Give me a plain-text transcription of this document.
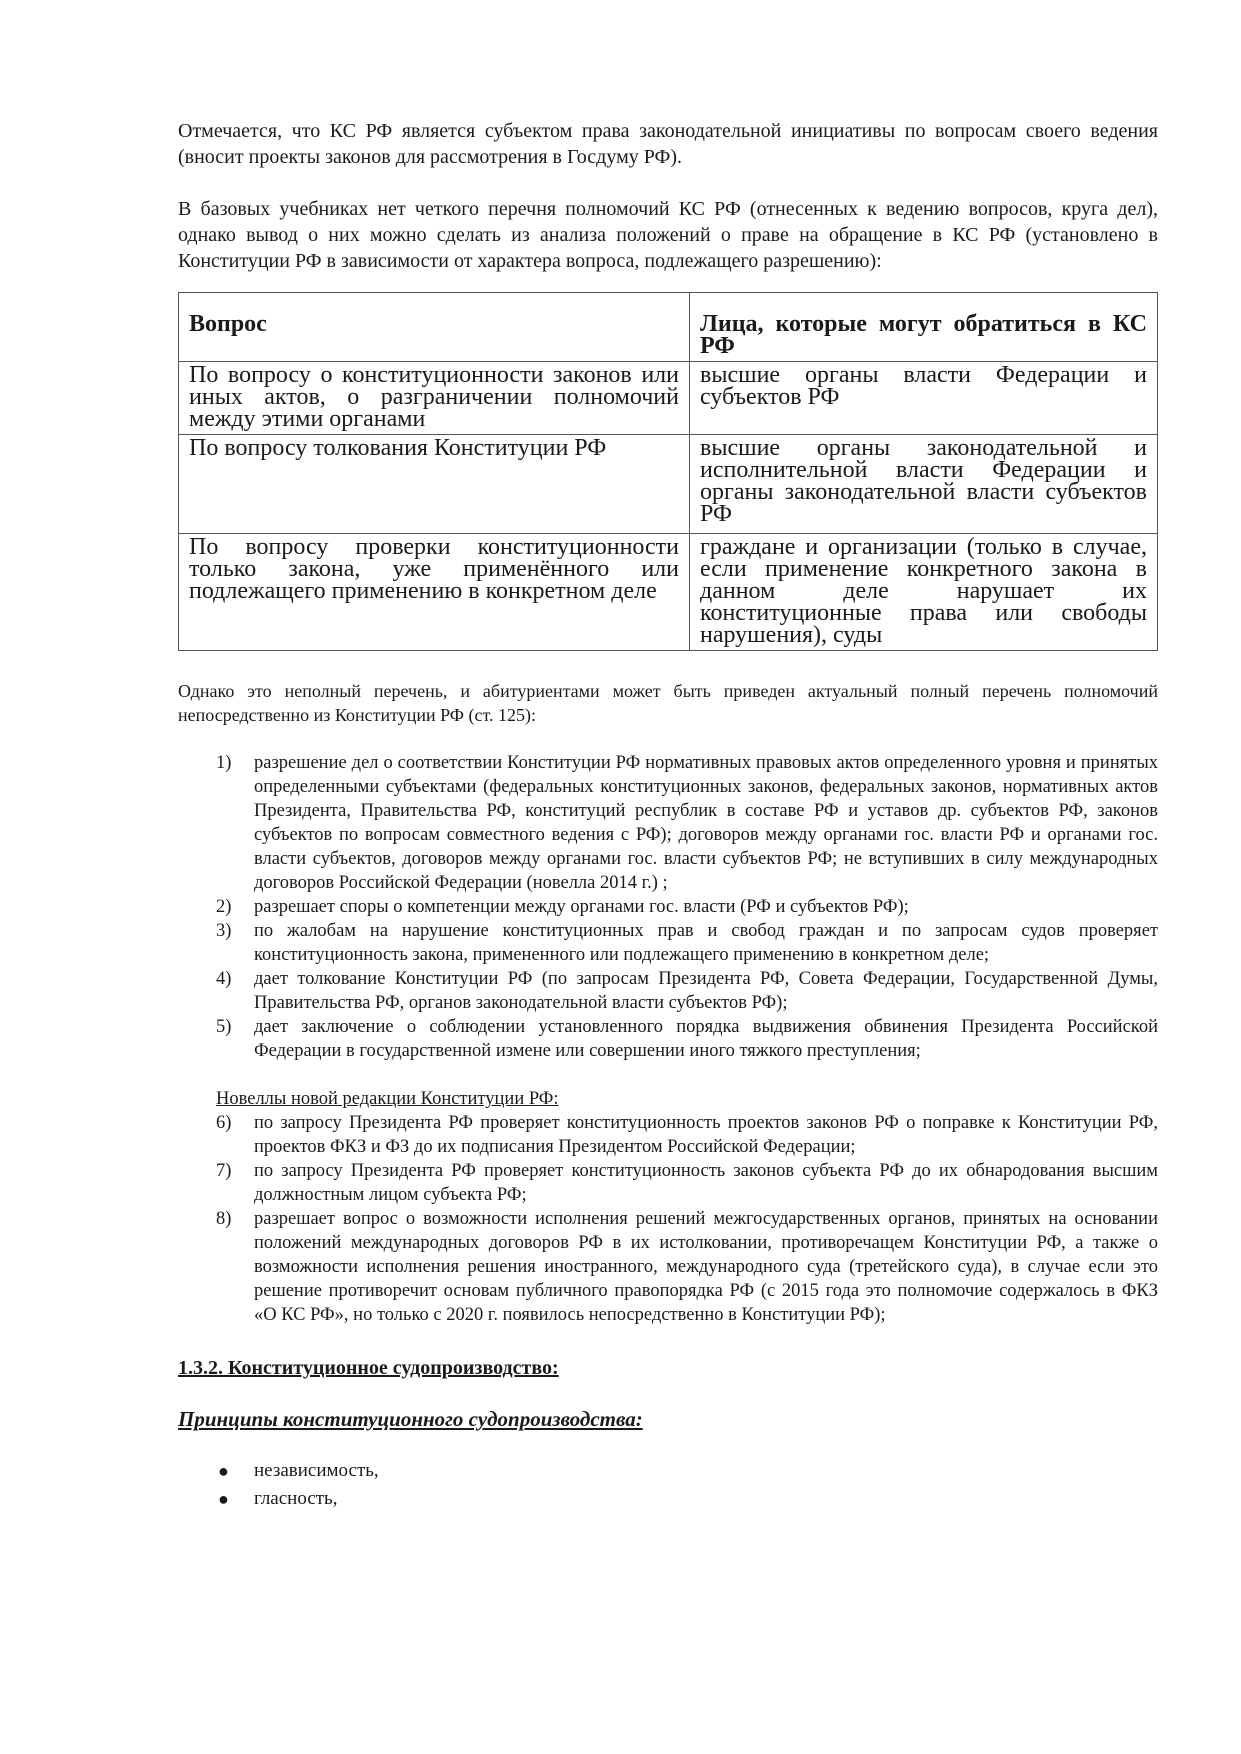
Отмечается, что КС РФ является субъектом права законодательной инициативы по вопросам своего ведения (вносит проекты законов для рассмотрения в Госдуму РФ).

В базовых учебниках нет четкого перечня полномочий КС РФ (отнесенных к ведению вопросов, круга дел), однако вывод о них можно сделать из анализа положений о праве на обращение в КС РФ (установлено в Конституции РФ в зависимости от характера вопроса, подлежащего разрешению):

Вопрос	Лица, которые могут обратиться в КС РФ
По вопросу о конституционности законов или иных актов, о разграничении полномочий между этими органами	высшие органы власти Федерации и субъектов РФ
По вопросу толкования Конституции РФ	высшие органы законодательной и исполнительной власти Федерации и органы законодательной власти субъектов РФ
По вопросу проверки конституционности только закона, уже применённого или подлежащего применению в конкретном деле	граждане и организации (только в случае, если применение конкретного закона в данном деле нарушает их конституционные права или свободы нарушения), суды

Однако это неполный перечень, и абитуриентами может быть приведен актуальный полный перечень полномочий непосредственно из Конституции РФ (ст. 125):

1) разрешение дел о соответствии Конституции РФ нормативных правовых актов определенного уровня и принятых определенными субъектами (федеральных конституционных законов, федеральных законов, нормативных актов Президента, Правительства РФ, конституций республик в составе РФ и уставов др. субъектов РФ, законов субъектов по вопросам совместного ведения с РФ); договоров между органами гос. власти РФ и органами гос. власти субъектов, договоров между органами гос. власти субъектов РФ; не вступивших в силу международных договоров Российской Федерации (новелла 2014 г.) ;
2) разрешает споры о компетенции между органами гос. власти (РФ и субъектов РФ);
3) по жалобам на нарушение конституционных прав и свобод граждан и по запросам судов проверяет конституционность закона, примененного или подлежащего применению в конкретном деле;
4) дает толкование Конституции РФ (по запросам Президента РФ, Совета Федерации, Государственной Думы, Правительства РФ, органов законодательной власти субъектов РФ);
5) дает заключение о соблюдении установленного порядка выдвижения обвинения Президента Российской Федерации в государственной измене или совершении иного тяжкого преступления;
Новеллы новой редакции Конституции РФ:
6) по запросу Президента РФ проверяет конституционность проектов законов РФ о поправке к Конституции РФ, проектов ФКЗ и ФЗ до их подписания Президентом Российской Федерации;
7) по запросу Президента РФ проверяет конституционность законов субъекта РФ до их обнародования высшим должностным лицом субъекта РФ;
8) разрешает вопрос о возможности исполнения решений межгосударственных органов, принятых на основании положений международных договоров РФ в их истолковании, противоречащем Конституции РФ, а также о возможности исполнения решения иностранного, международного суда (третейского суда), в случае если это решение противоречит основам публичного правопорядка РФ (с 2015 года это полномочие содержалось в ФКЗ «О КС РФ», но только с 2020 г. появилось непосредственно в Конституции РФ);
1.3.2. Конституционное судопроизводство:
Принципы конституционного судопроизводства:
● независимость,
● гласность,
